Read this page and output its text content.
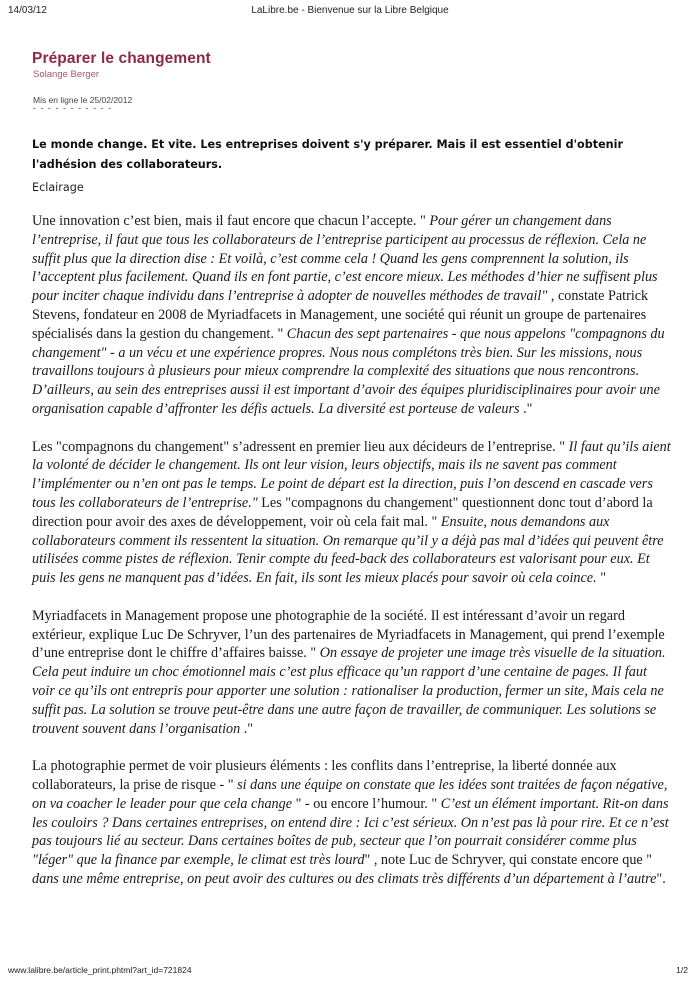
14/03/12	LaLibre.be - Bienvenue sur la Libre Belgique
Préparer le changement
Solange Berger
Mis en ligne le 25/02/2012
- - - - - - - - - - -
Le monde change. Et vite. Les entreprises doivent s'y préparer. Mais il est essentiel d'obtenir l'adhésion des collaborateurs.
Eclairage

Une innovation c’est bien, mais il faut encore que chacun l’accepte. " Pour gérer un changement dans l’entreprise, il faut que tous les collaborateurs de l’entreprise participent au processus de réflexion. Cela ne suffit plus que la direction dise : Et voilà, c’est comme cela ! Quand les gens comprennent la solution, ils l’acceptent plus facilement. Quand ils en font partie, c’est encore mieux. Les méthodes d’hier ne suffisent plus pour inciter chaque individu dans l’entreprise à adopter de nouvelles méthodes de travail" , constate Patrick Stevens, fondateur en 2008 de Myriadfacets in Management, une société qui réunit un groupe de partenaires spécialisés dans la gestion du changement. " Chacun des sept partenaires - que nous appelons "compagnons du changement" - a un vécu et une expérience propres. Nous nous complétons très bien. Sur les missions, nous travaillons toujours à plusieurs pour mieux comprendre la complexité des situations que nous rencontrons. D’ailleurs, au sein des entreprises aussi il est important d’avoir des équipes pluridisciplinaires pour avoir une organisation capable d’affronter les défis actuels. La diversité est porteuse de valeurs ."

Les "compagnons du changement" s’adressent en premier lieu aux décideurs de l’entreprise. " Il faut qu’ils aient la volonté de décider le changement. Ils ont leur vision, leurs objectifs, mais ils ne savent pas comment l’implémenter ou n’en ont pas le temps. Le point de départ est la direction, puis l’on descend en cascade vers tous les collaborateurs de l’entreprise." Les "compagnons du changement" questionnent donc tout d’abord la direction pour avoir des axes de développement, voir où cela fait mal. " Ensuite, nous demandons aux collaborateurs comment ils ressentent la situation. On remarque qu’il y a déjà pas mal d’idées qui peuvent être utilisées comme pistes de réflexion. Tenir compte du feed-back des collaborateurs est valorisant pour eux. Et puis les gens ne manquent pas d’idées. En fait, ils sont les mieux placés pour savoir où cela coince. "

Myriadfacets in Management propose une photographie de la société. Il est intéressant d’avoir un regard extérieur, explique Luc De Schryver, l’un des partenaires de Myriadfacets in Management, qui prend l’exemple d’une entreprise dont le chiffre d’affaires baisse. " On essaye de projeter une image très visuelle de la situation. Cela peut induire un choc émotionnel mais c’est plus efficace qu’un rapport d’une centaine de pages. Il faut voir ce qu’ils ont entrepris pour apporter une solution : rationaliser la production, fermer un site, Mais cela ne suffit pas. La solution se trouve peut-être dans une autre façon de travailler, de communiquer. Les solutions se trouvent souvent dans l’organisation ."

La photographie permet de voir plusieurs éléments : les conflits dans l’entreprise, la liberté donnée aux collaborateurs, la prise de risque - " si dans une équipe on constate que les idées sont traitées de façon négative, on va coacher le leader pour que cela change " - ou encore l’humour. " C’est un élément important. Rit-on dans les couloirs ? Dans certaines entreprises, on entend dire : Ici c’est sérieux. On n’est pas là pour rire. Et ce n’est pas toujours lié au secteur. Dans certaines boîtes de pub, secteur que l’on pourrait considérer comme plus "léger" que la finance par exemple, le climat est très lourd" , note Luc de Schryver, qui constate encore que " dans une même entreprise, on peut avoir des cultures ou des climats très différents d’un département à l’autre".

www.lalibre.be/article_print.phtml?art_id=721824	1/2
